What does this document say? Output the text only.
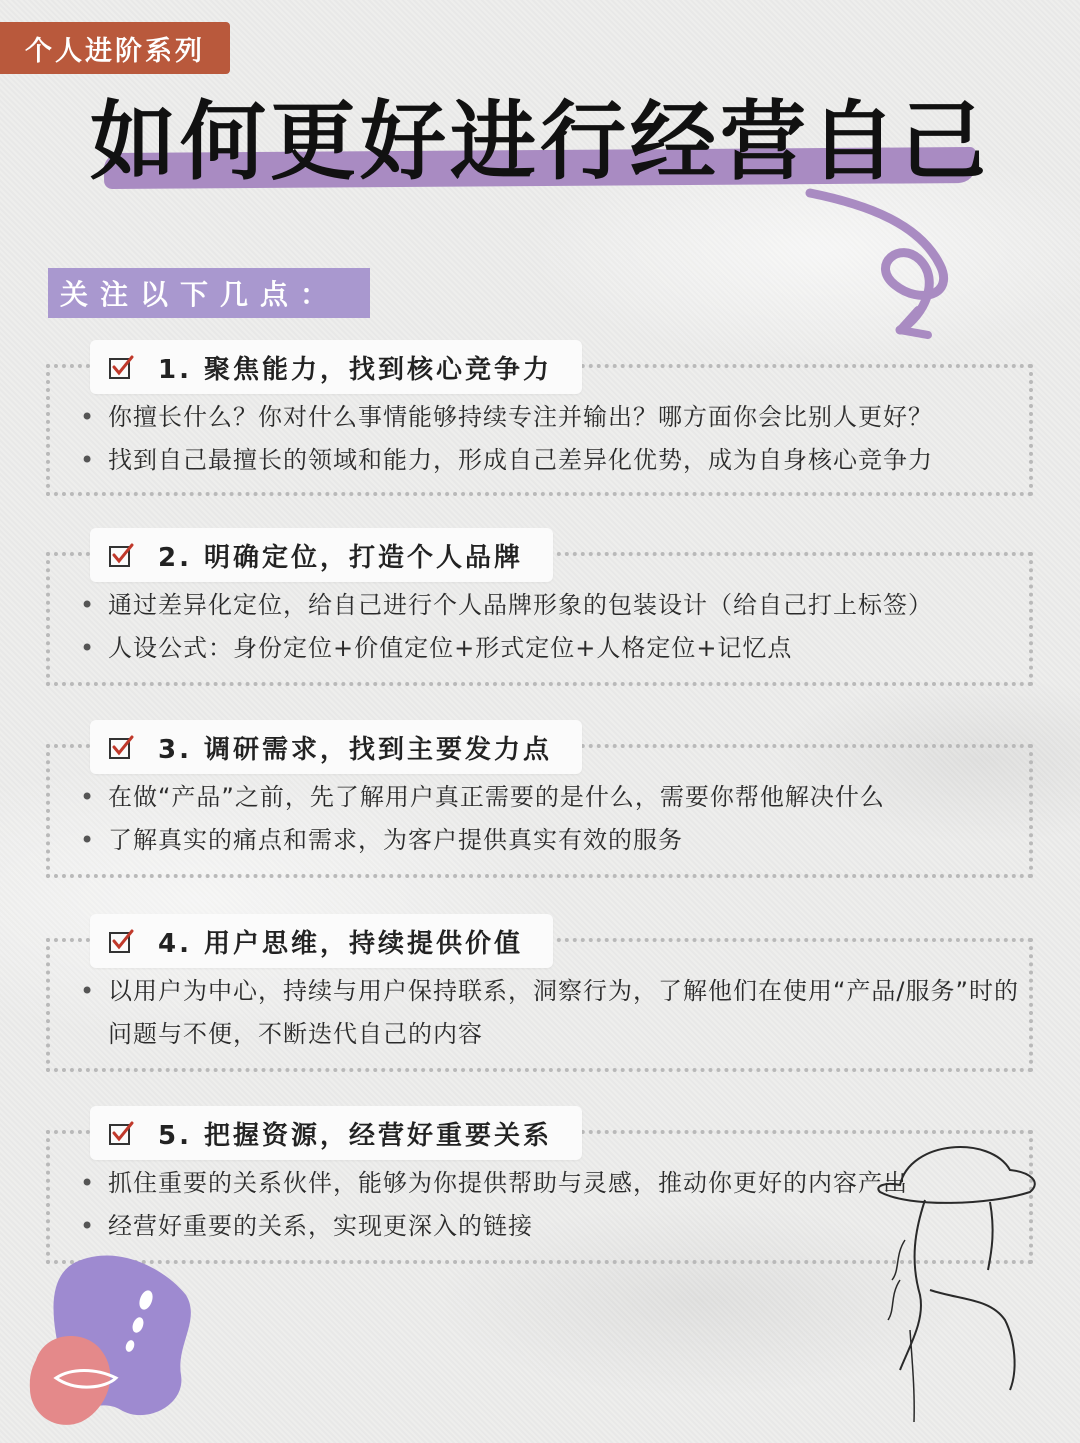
个人进阶系列
如何更好进行经营自己
关注以下几点：
1. 聚焦能力，找到核心竞争力
• 你擅长什么？你对什么事情能够持续专注并输出？哪方面你会比别人更好？
• 找到自己最擅长的领域和能力，形成自己差异化优势，成为自身核心竞争力
2. 明确定位，打造个人品牌
• 通过差异化定位，给自己进行个人品牌形象的包装设计（给自己打上标签）
• 人设公式：身份定位+价值定位+形式定位+人格定位+记忆点
3. 调研需求，找到主要发力点
• 在做“产品”之前，先了解用户真正需要的是什么，需要你帮他解决什么
• 了解真实的痛点和需求，为客户提供真实有效的服务
4. 用户思维，持续提供价值
• 以用户为中心，持续与用户保持联系，洞察行为，了解他们在使用“产品/服务”时的问题与不便，不断迭代自己的内容
5. 把握资源，经营好重要关系
• 抓住重要的关系伙伴，能够为你提供帮助与灵感，推动你更好的内容产出
• 经营好重要的关系，实现更深入的链接
